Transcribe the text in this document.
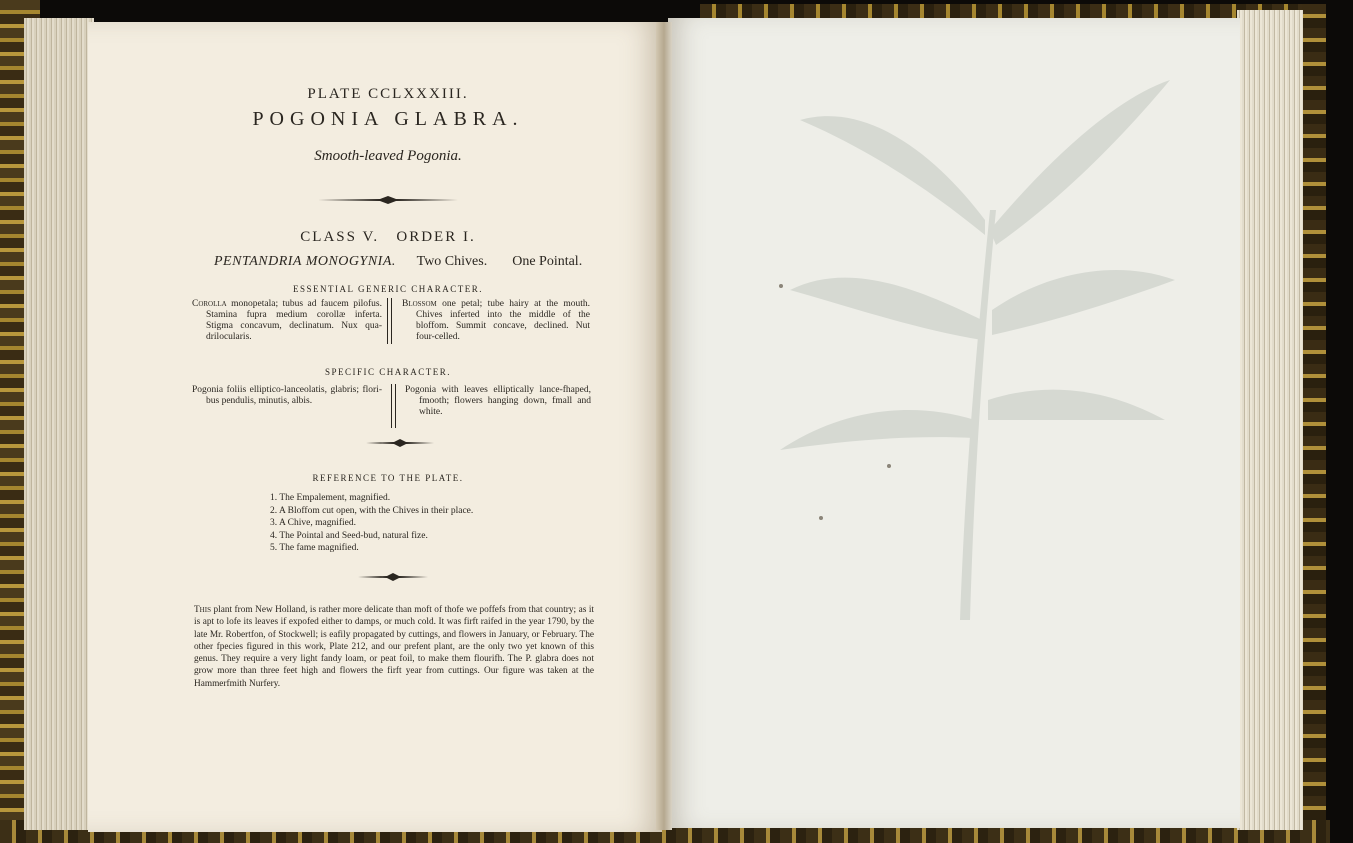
PLATE CCLXXXIII.
POGONIA GLABRA.
Smooth-leaved Pogonia.
CLASS V.   ORDER I.
PENTANDRIA MONOGYNIA. Two Chives. One Pointal.
ESSENTIAL GENERIC CHARACTER.
Corolla monopetala; tubus ad faucem pilofus. Stamina fupra medium corollæ inferta. Stigma concavum, declinatum. Nux qua-drilocularis.
Blossom one petal; tube hairy at the mouth. Chives inferted into the middle of the bloffom. Summit concave, declined. Nut four-celled.
SPECIFIC CHARACTER.
Pogonia foliis elliptico-lanceolatis, glabris; flori-bus pendulis, minutis, albis.
Pogonia with leaves elliptically lance-fhaped, fmooth; flowers hanging down, fmall and white.
REFERENCE TO THE PLATE.
1. The Empalement, magnified.
2. A Bloffom cut open, with the Chives in their place.
3. A Chive, magnified.
4. The Pointal and Seed-bud, natural fize.
5. The fame magnified.
This plant from New Holland, is rather more delicate than moft of thofe we poffefs from that country; as it is apt to lofe its leaves if expofed either to damps, or much cold. It was firft raifed in the year 1790, by the late Mr. Robertfon, of Stockwell; is eafily propagated by cuttings, and flowers in January, or February. The other fpecies figured in this work, Plate 212, and our prefent plant, are the only two yet known of this genus. They require a very light fandy loam, or peat foil, to make them flourifh. The P. glabra does not grow more than three feet high and flowers the firft year from cuttings. Our figure was taken at the Hammerfmith Nurfery.
